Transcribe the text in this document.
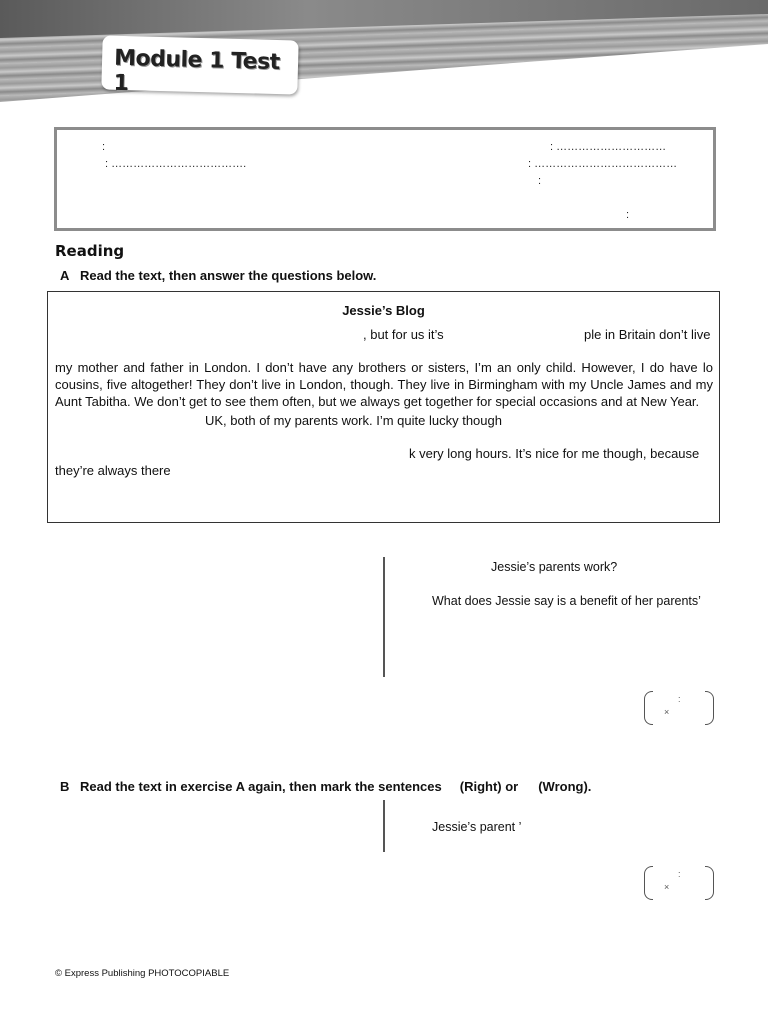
Module 1 Test 1
:	: …………………………
: ……………………………….	: …………………………………
:
:
Reading
A Read the text, then answer the questions below.
Jessie’s Blog
, but for us it’s	ple in Britain don’t live

my mother and father in London. I don’t have any brothers or sisters, I’m an only child. However, I do have lo cousins, five altogether! They don’t live in London, though. They live in Birmingham with my Uncle James and my Aunt Tabitha. We don’t get to see them often, but we always get together for special occasions and at New Year.

UK, both of my parents work. I’m quite lucky though
k very long hours. It’s nice for me though, because
they’re always there
Jessie’s parents work?
What does Jessie say is a benefit of her parents’
:
×
B Read the text in exercise A again, then mark the sentences (Right) or (Wrong).
Jessie’s parent ’
:
×
© Express Publishing PHOTOCOPIABLE
